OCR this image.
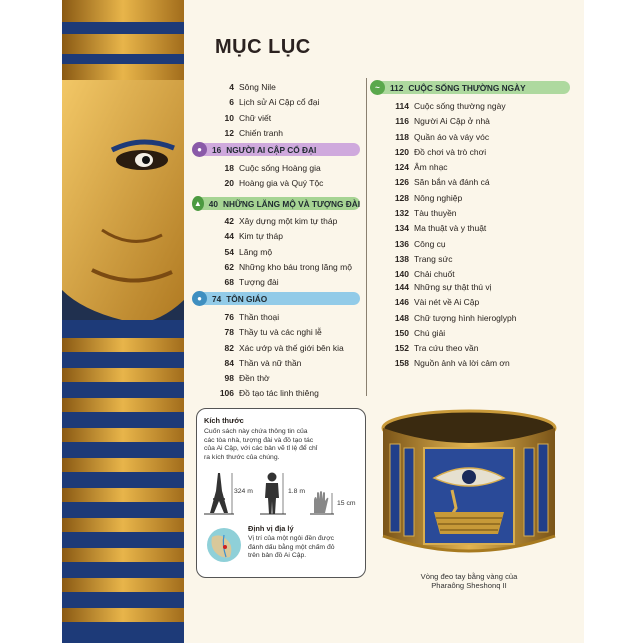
MỤC LỤC
4 Sông Nile
6 Lịch sử Ai Cập cổ đại
10 Chữ viết
12 Chiến tranh
●	16 NGƯỜI AI CẬP CỔ ĐẠI
18 Cuộc sống Hoàng gia
20 Hoàng gia và Quý Tộc
▲ 40 NHỮNG LĂNG MỘ VÀ TƯỢNG ĐÀI
42 Xây dựng một kim tự tháp
44 Kim tự tháp
54 Lăng mộ
62 Những kho báu trong lăng mộ
68 Tượng đài
●	74 TÔN GIÁO
76 Thần thoại
78 Thầy tu và các nghi lễ
82 Xác ướp và thế giới bên kia
84 Thần và nữ thần
98 Đền thờ
106 Đồ tạo tác linh thiêng
~	112 CUỘC SỐNG THƯỜNG NGÀY
114 Cuộc sống thường ngày
116 Người Ai Cập ở nhà
118 Quần áo và váy vóc
120 Đồ chơi và trò chơi
124 Âm nhạc
126 Săn bắn và đánh cá
128 Nông nghiệp
132 Tàu thuyền
134 Ma thuật và y thuật
136 Công cụ
138 Trang sức
140 Chải chuốt
144 Những sự thật thú vị
146 Vài nét về Ai Cập
148 Chữ tượng hình hieroglyph
150 Chú giải
152 Tra cứu theo vần
158 Nguồn ảnh và lời cảm ơn
Kích thước
Cuốn sách này chứa thông tin của
các tòa nhà, tượng đài và đồ tạo tác
của Ai Cập, với các bản vẽ tỉ lệ để chỉ
ra kích thước của chúng.
324 m	1.8 m
15 cm
Định vị địa lý
Vị trí của một ngôi đền được
đánh dấu bằng một chấm đỏ
trên bản đồ Ai Cập.
Vòng đeo tay bằng vàng của
Pharaông Sheshonq II
